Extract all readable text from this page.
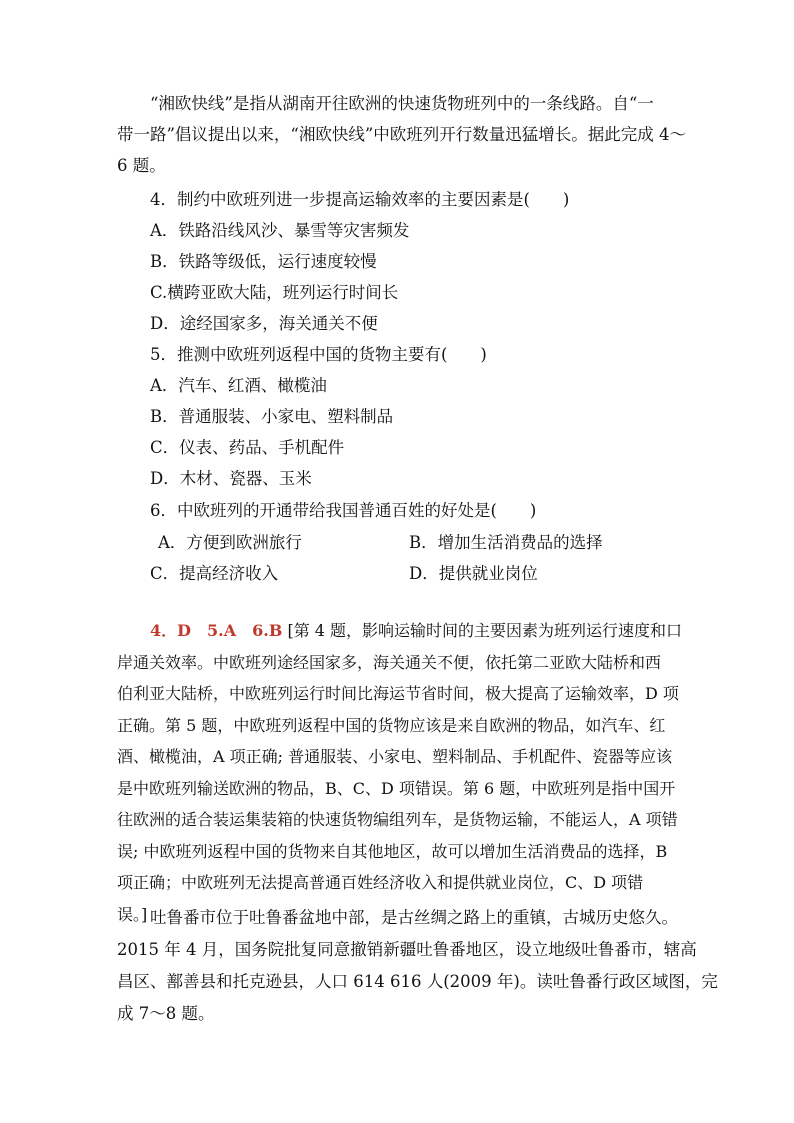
“湘欧快线”是指从湖南开往欧洲的快速货物班列中的一条线路。自“一
带一路”倡议提出以来，“湘欧快线”中欧班列开行数量迅猛增长。据此完成 4～
6 题。
4．制约中欧班列进一步提高运输效率的主要因素是(　　)
A．铁路沿线风沙、暴雪等灾害频发
B．铁路等级低，运行速度较慢
C.横跨亚欧大陆，班列运行时间长
D．途经国家多，海关通关不便
5．推测中欧班列返程中国的货物主要有(　　)
A．汽车、红酒、橄榄油
B．普通服装、小家电、塑料制品
C．仪表、药品、手机配件
D．木材、瓷器、玉米
6．中欧班列的开通带给我国普通百姓的好处是(　　)
A．方便到欧洲旅行	B．增加生活消费品的选择
C．提高经济收入	D．提供就业岗位
4．D　5.A　6.B [第 4 题，影响运输时间的主要因素为班列运行速度和口
岸通关效率。中欧班列途经国家多，海关通关不便，依托第二亚欧大陆桥和西
伯利亚大陆桥，中欧班列运行时间比海运节省时间，极大提高了运输效率，D 项
正确。第 5 题，中欧班列返程中国的货物应该是来自欧洲的物品，如汽车、红
酒、橄榄油，A 项正确; 普通服装、小家电、塑料制品、手机配件、瓷器等应该
是中欧班列输送欧洲的物品，B、C、D 项错误。第 6 题，中欧班列是指中国开
往欧洲的适合装运集装箱的快速货物编组列车，是货物运输，不能运人，A 项错
误; 中欧班列返程中国的货物来自其他地区，故可以增加生活消费品的选择，B
项正确；中欧班列无法提高普通百姓经济收入和提供就业岗位，C、D 项错
误。] 吐鲁番市位于吐鲁番盆地中部，是古丝绸之路上的重镇，古城历史悠久。
2015 年 4 月，国务院批复同意撤销新疆吐鲁番地区，设立地级吐鲁番市，辖高
昌区、鄯善县和托克逊县，人口 614 616 人(2009 年)。读吐鲁番行政区域图，完
成 7～8 题。
